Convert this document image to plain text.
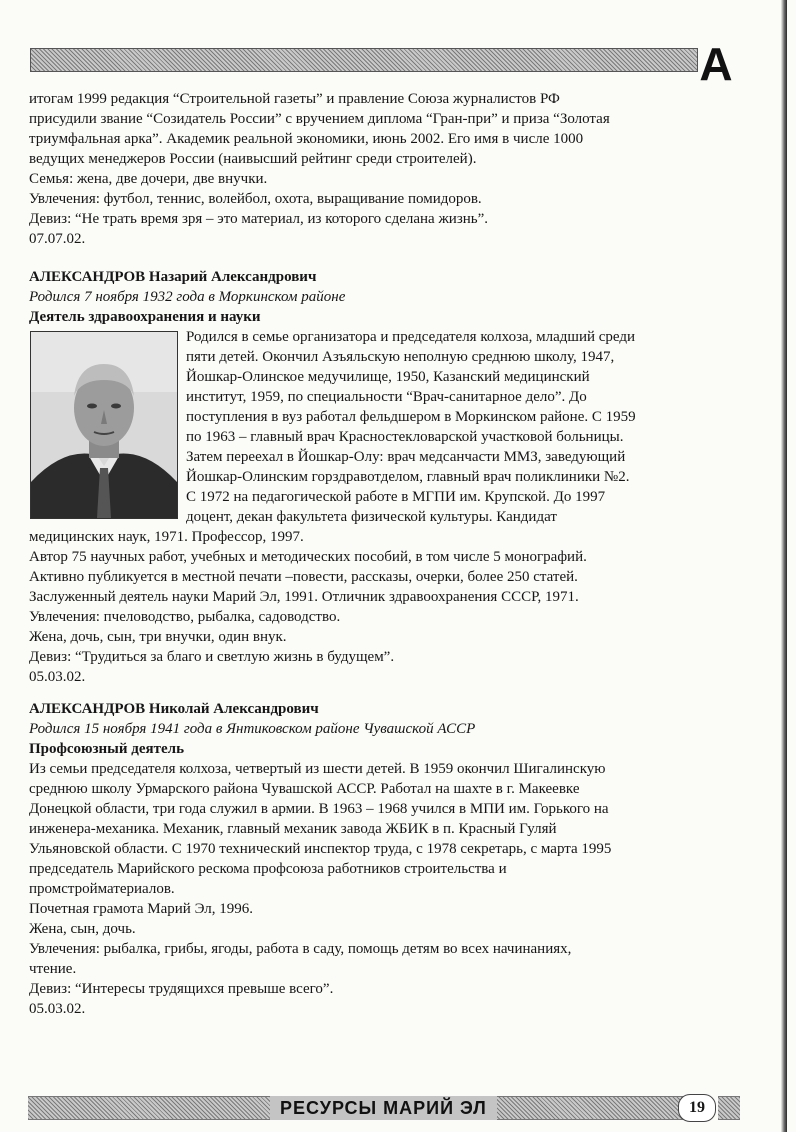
А

итогам 1999 редакция “Строительной газеты” и правление Союза журналистов РФ

присудили звание “Созидатель России” с вручением диплома “Гран-при” и приза “Золотая

триумфальная арка”. Академик реальной экономики, июнь 2002. Его имя в числе 1000

ведущих менеджеров России (наивысший рейтинг среди строителей).

Семья: жена, две дочери, две внучки.

Увлечения: футбол, теннис, волейбол, охота, выращивание помидоров.

Девиз: “Не трать время зря – это материал, из которого сделана жизнь”.

07.07.02.

АЛЕКСАНДРОВ Назарий Александрович

Родился 7 ноября 1932 года в Моркинском районе

Деятель здравоохранения и науки

Родился в семье организатора и председателя колхоза, младший среди

пяти детей. Окончил Азъяльскую неполную среднюю школу, 1947,

Йошкар-Олинское медучилище, 1950, Казанский медицинский

институт, 1959, по специальности “Врач-санитарное дело”. До

поступления в вуз работал фельдшером в Моркинском районе. С 1959

по 1963 – главный врач Красностекловарской участковой больницы.

Затем переехал в Йошкар-Олу: врач медсанчасти ММЗ, заведующий

Йошкар-Олинским горздравотделом, главный врач поликлиники №2.

С 1972 на педагогической работе в МГПИ им. Крупской. До 1997

доцент, декан факультета физической культуры. Кандидат

медицинских наук, 1971. Профессор, 1997.

Автор 75 научных работ, учебных и методических пособий, в том числе 5 монографий.

Активно публикуется в местной печати –повести, рассказы, очерки, более 250 статей.

Заслуженный деятель науки Марий Эл, 1991. Отличник здравоохранения СССР, 1971.

Увлечения: пчеловодство, рыбалка, садоводство.

Жена, дочь, сын, три внучки, один внук.

Девиз: “Трудиться за благо и светлую жизнь в будущем”.

05.03.02.

АЛЕКСАНДРОВ Николай Александрович

Родился 15 ноября 1941 года в Янтиковском районе Чувашской АССР

Профсоюзный деятель

Из семьи председателя колхоза, четвертый из шести детей. В 1959 окончил Шигалинскую

среднюю школу Урмарского района Чувашской АССР. Работал на шахте в г. Макеевке

Донецкой области, три года служил в армии. В 1963 – 1968 учился в МПИ им. Горького на

инженера-механика. Механик, главный механик завода ЖБИК в п. Красный Гуляй

Ульяновской области. С 1970 технический инспектор труда, с 1978 секретарь, с марта 1995

председатель Марийского рескома профсоюза работников строительства и

промстройматериалов.

Почетная грамота Марий Эл, 1996.

Жена, сын, дочь.

Увлечения: рыбалка, грибы, ягоды, работа в саду, помощь детям во всех начинаниях,

чтение.

Девиз: “Интересы трудящихся превыше всего”.

05.03.02.

РЕСУРСЫ МАРИЙ ЭЛ	19
